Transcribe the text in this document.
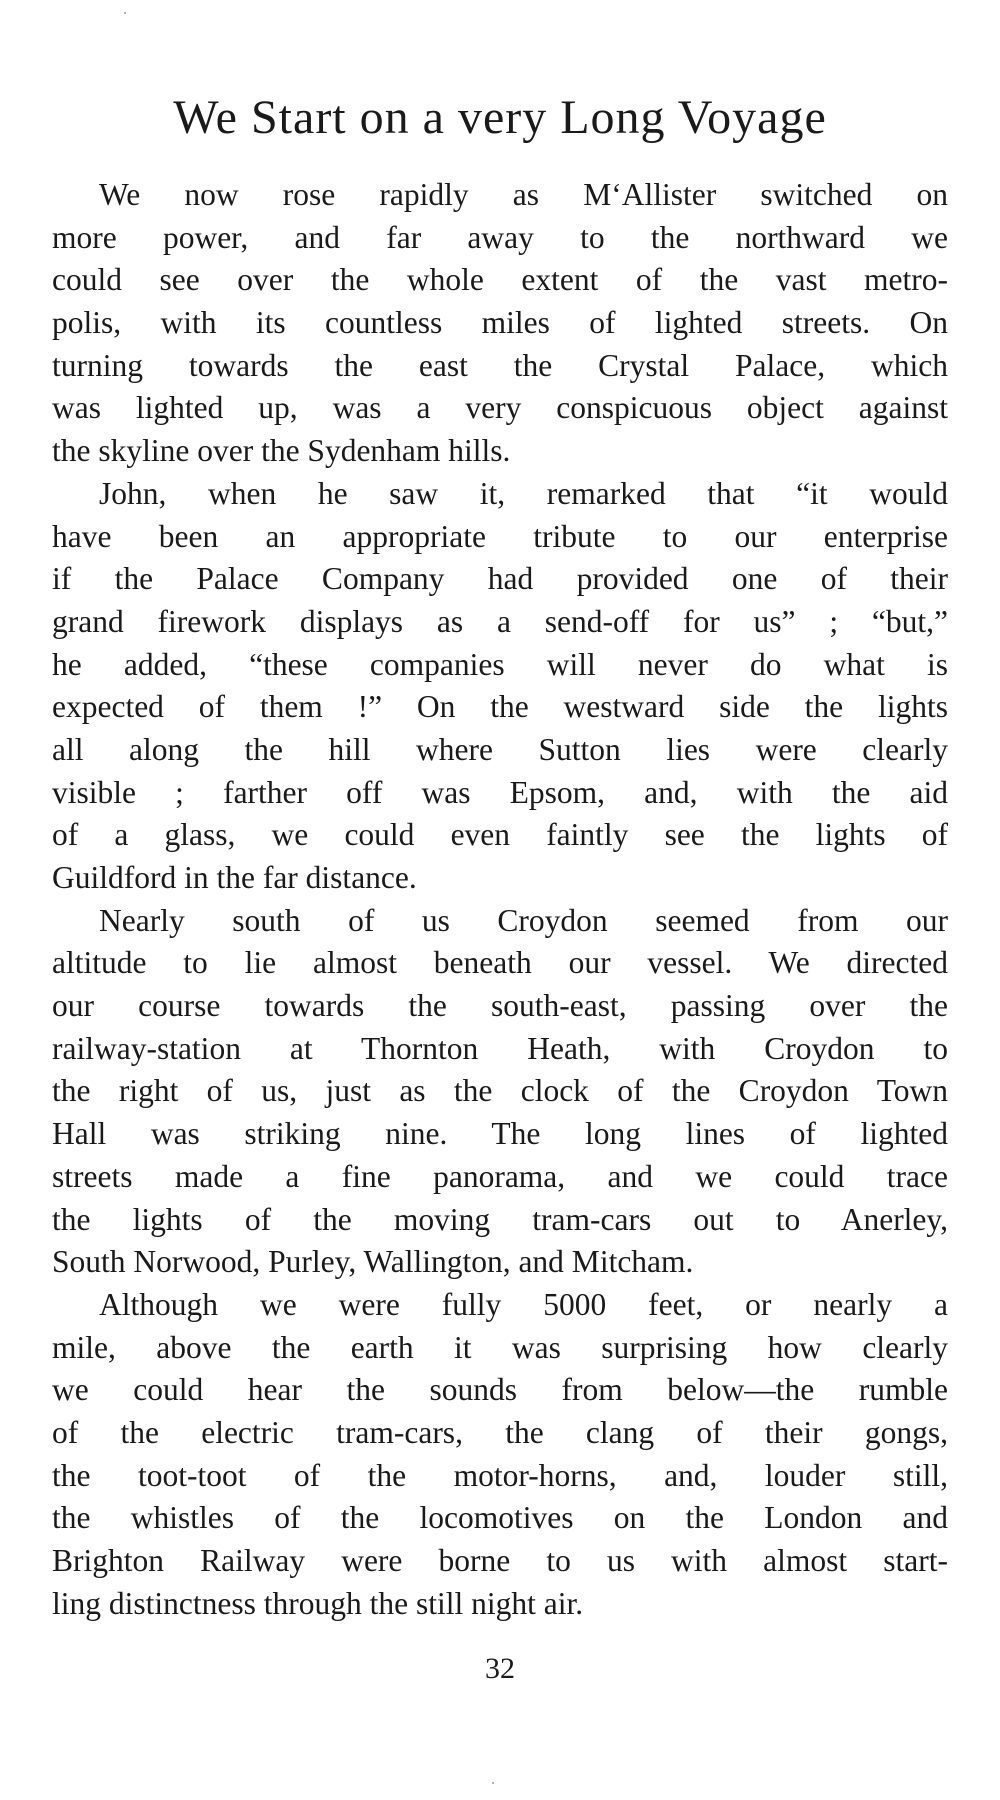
We Start on a very Long Voyage

We now rose rapidly as M‘Allister switched on
more power, and far away to the northward we
could see over the whole extent of the vast metro-
polis, with its countless miles of lighted streets. On
turning towards the east the Crystal Palace, which
was lighted up, was a very conspicuous object against
the skyline over the Sydenham hills.

John, when he saw it, remarked that “it would
have been an appropriate tribute to our enterprise
if the Palace Company had provided one of their
grand firework displays as a send-off for us” ; “but,”
he added, “these companies will never do what is
expected of them !” On the westward side the lights
all along the hill where Sutton lies were clearly
visible ; farther off was Epsom, and, with the aid
of a glass, we could even faintly see the lights of
Guildford in the far distance.

Nearly south of us Croydon seemed from our
altitude to lie almost beneath our vessel. We directed
our course towards the south-east, passing over the
railway-station at Thornton Heath, with Croydon to
the right of us, just as the clock of the Croydon Town
Hall was striking nine. The long lines of lighted
streets made a fine panorama, and we could trace
the lights of the moving tram-cars out to Anerley,
South Norwood, Purley, Wallington, and Mitcham.

Although we were fully 5000 feet, or nearly a
mile, above the earth it was surprising how clearly
we could hear the sounds from below—the rumble
of the electric tram-cars, the clang of their gongs,
the toot-toot of the motor-horns, and, louder still,
the whistles of the locomotives on the London and
Brighton Railway were borne to us with almost start-
ling distinctness through the still night air.

32
